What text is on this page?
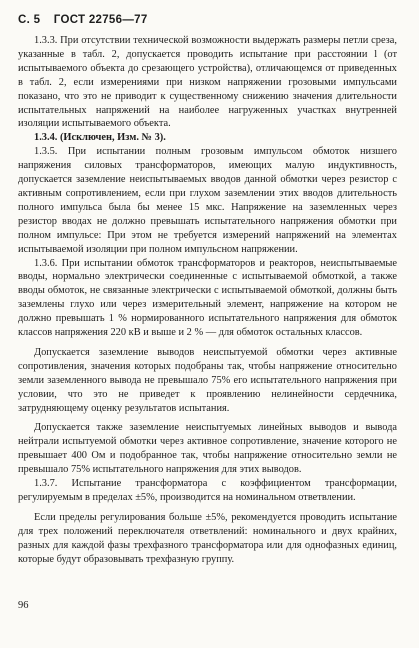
С. 5 ГОСТ 22756—77

1.3.3. При отсутствии технической возможности выдержать размеры петли среза, указанные в табл. 2, допускается проводить испытание при расстоянии l (от испытываемого объекта до срезающего устройства), отличающемся от приведенных в табл. 2, если измерениями при низком напряжении грозовыми импульсами показано, что это не приводит к существенному снижению значения длительности испытательных напряжений на наиболее нагруженных участках внутренней изоляции испытываемого объекта.

1.3.4. (Исключен, Изм. № 3).

1.3.5. При испытании полным грозовым импульсом обмоток низшего напряжения силовых трансформаторов, имеющих малую индуктивность, допускается заземление неиспытываемых вводов данной обмотки через резистор с активным сопротивлением, если при глухом заземлении этих вводов длительность полного импульса была бы менее 15 мкс. Напряжение на заземленных через резистор вводах не должно превышать испытательного напряжения обмотки при полном импульсе: При этом не требуется измерений напряжений на элементах испытываемой изоляции при полном импульсном напряжении.

1.3.6. При испытании обмоток трансформаторов и реакторов, неиспытываемые вводы, нормально электрически соединенные с испытываемой обмоткой, а также вводы обмоток, не связанные электрически с испытываемой обмоткой, должны быть заземлены глухо или через измерительный элемент, напряжение на котором не должно превышать 1 % нормированного испытательного напряжения для обмоток классов напряжения 220 кВ и выше и 2 % — для обмоток остальных классов.

Допускается заземление выводов неиспытуемой обмотки через активные сопротивления, значения которых подобраны так, чтобы напряжение относительно земли заземленного вывода не превышало 75% его испытательного напряжения при условии, что это не приведет к проявлению нелинейности сердечника, затрудняющему оценку результатов испытания.

Допускается также заземление неиспытуемых линейных выводов и вывода нейтрали испытуемой обмотки через активное сопротивление, значение которого не превышает 400 Ом и подобранное так, чтобы напряжение относительно земли не превышало 75% испытательного напряжения для этих выводов.

1.3.7. Испытание трансформатора с коэффициентом трансформации, регулируемым в пределах ±5%, производится на номинальном ответвлении.

Если пределы регулирования больше ±5%, рекомендуется проводить испытание для трех положений переключателя ответвлений: номинального и двух крайних, разных для каждой фазы трехфазного трансформатора или для однофазных единиц, которые будут образовывать трехфазную группу.

96
